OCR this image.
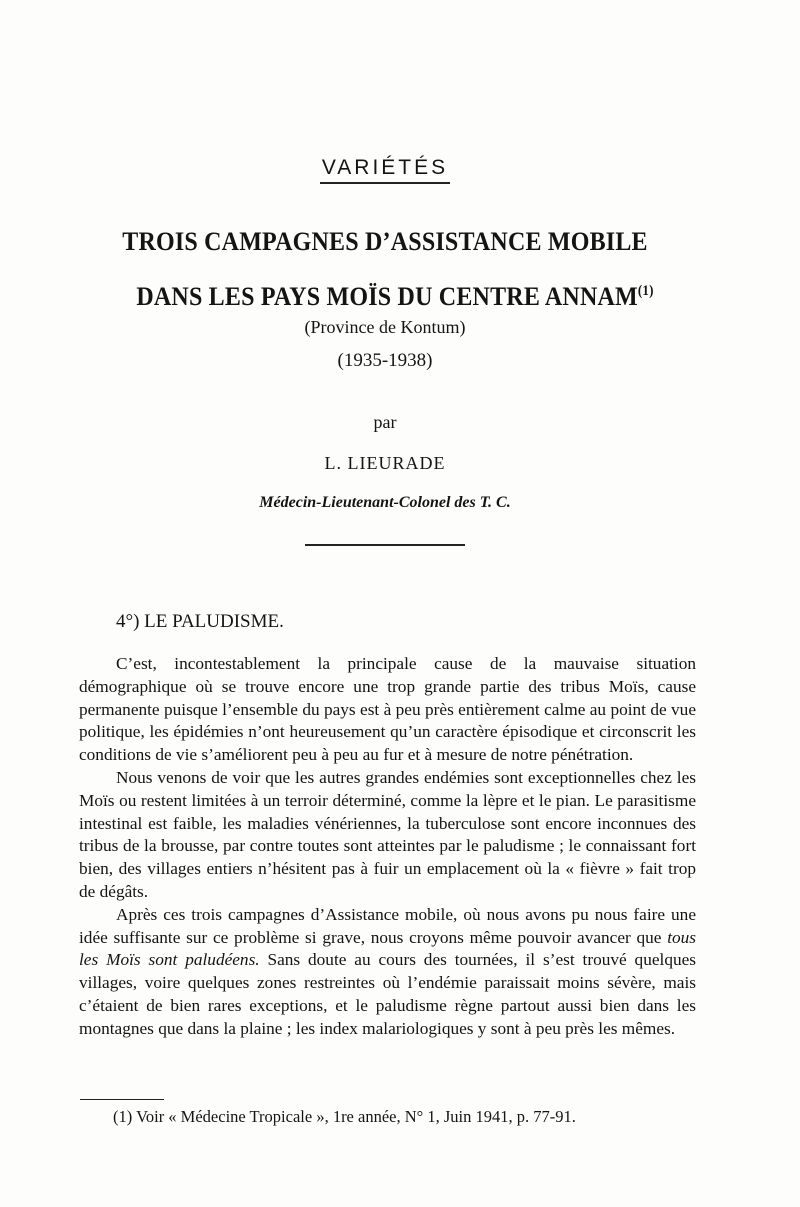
VARIÉTÉS
TROIS CAMPAGNES D’ASSISTANCE MOBILE
DANS LES PAYS MOÏS DU CENTRE ANNAM$^{(1)}$
(Province de Kontum)
(1935-1938)
par
L. LIEURADE
Médecin-Lieutenant-Colonel des T. C.
4°) LE PALUDISME.

C’est, incontestablement la principale cause de la mauvaise situation démographique où se trouve encore une trop grande partie des tribus Moïs, cause permanente puisque l’ensemble du pays est à peu près entièrement calme au point de vue politique, les épidémies n’ont heureusement qu’un caractère épisodique et circonscrit les conditions de vie s’améliorent peu à peu au fur et à mesure de notre pénétration.

Nous venons de voir que les autres grandes endémies sont exceptionnelles chez les Moïs ou restent limitées à un terroir déterminé, comme la lèpre et le pian. Le parasitisme intestinal est faible, les maladies vénériennes, la tuberculose sont encore inconnues des tribus de la brousse, par contre toutes sont atteintes par le paludisme ; le connaissant fort bien, des villages entiers n’hésitent pas à fuir un emplacement où la « fièvre » fait trop de dégâts.

Après ces trois campagnes d’Assistance mobile, où nous avons pu nous faire une idée suffisante sur ce problème si grave, nous croyons même pouvoir avancer que tous les Moïs sont paludéens. Sans doute au cours des tournées, il s’est trouvé quelques villages, voire quelques zones restreintes où l’endémie paraissait moins sévère, mais c’étaient de bien rares exceptions, et le paludisme règne partout aussi bien dans les montagnes que dans la plaine ; les index malariologiques y sont à peu près les mêmes.

(1) Voir « Médecine Tropicale », 1re année, N° 1, Juin 1941, p. 77-91.
